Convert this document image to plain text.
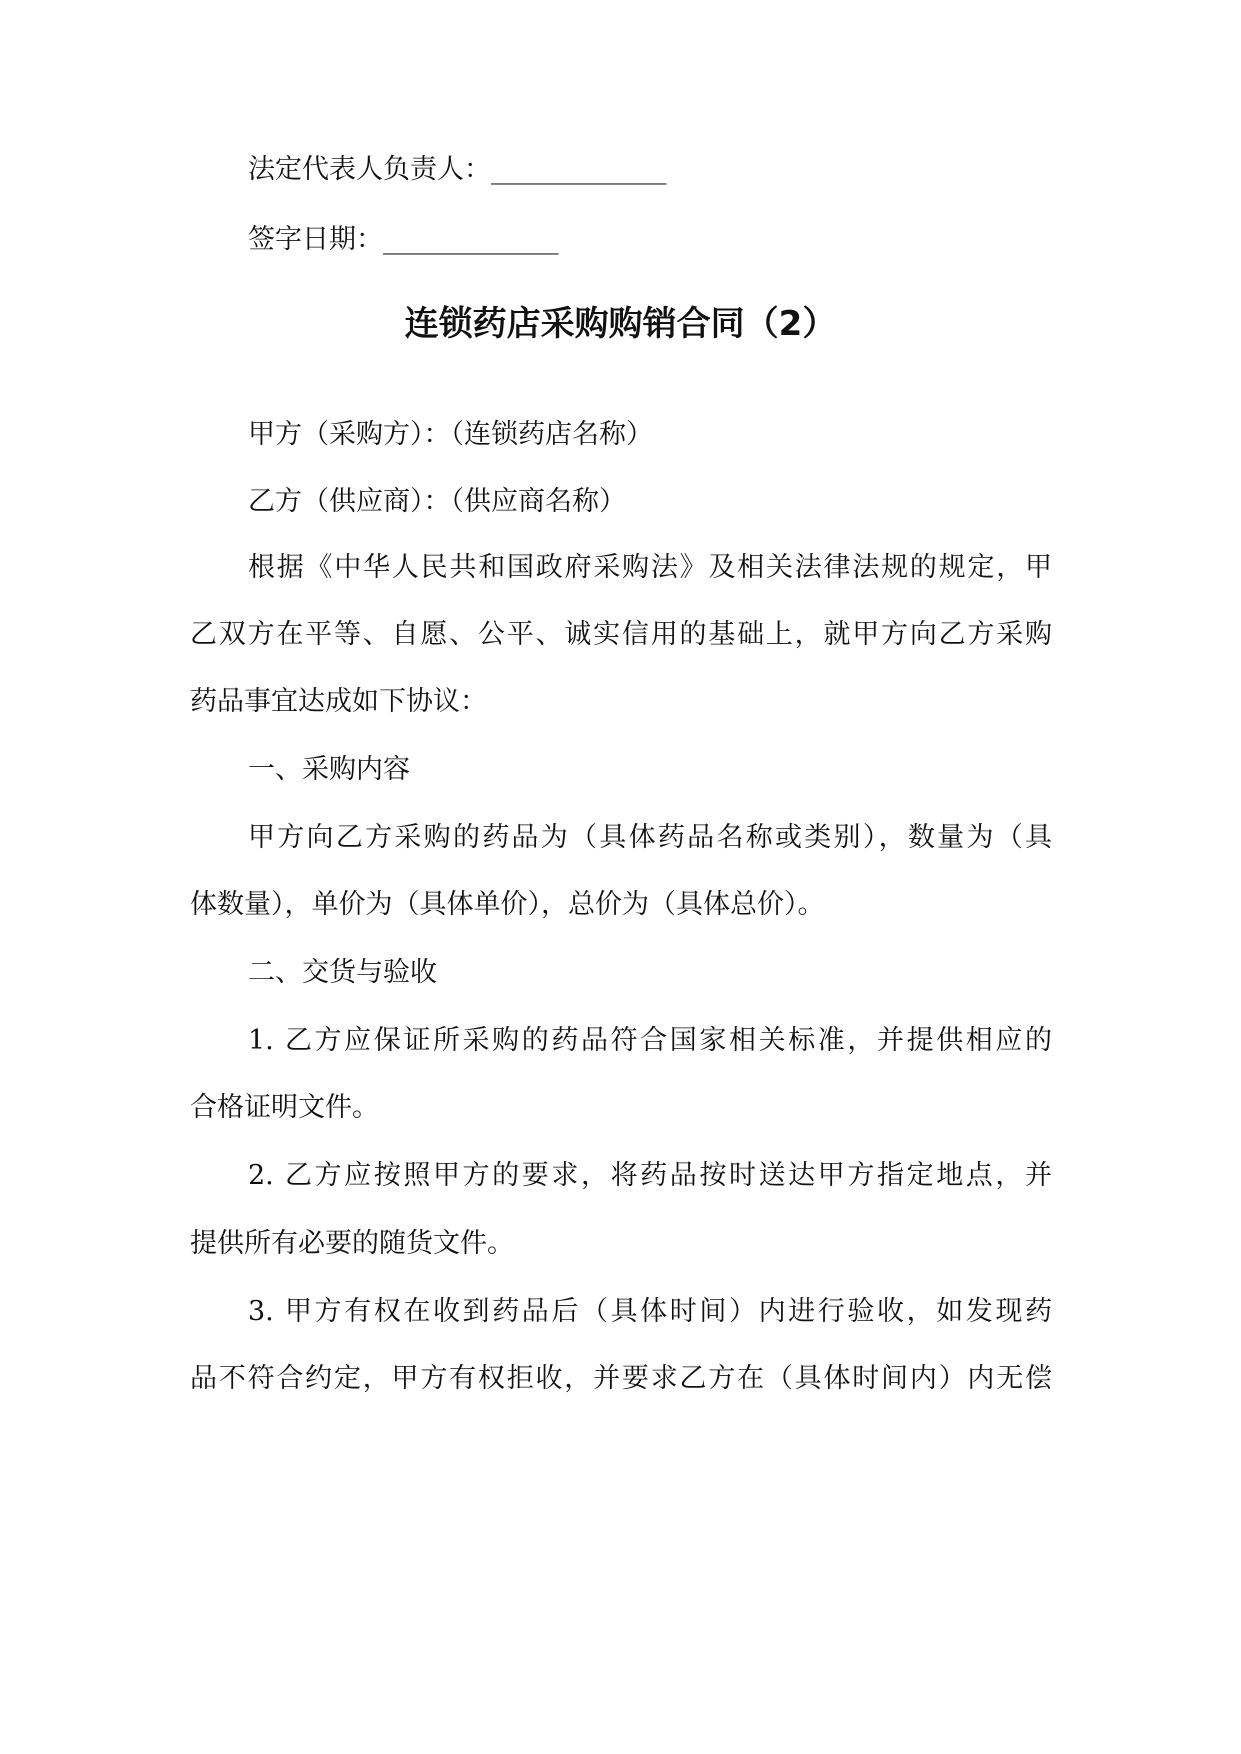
法定代表人负责人：_____________
签字日期：_____________
连锁药店采购购销合同（2）
甲方（采购方）：（连锁药店名称）
乙方（供应商）：（供应商名称）
根据《中华人民共和国政府采购法》及相关法律法规的规定，甲
乙双方在平等、自愿、公平、诚实信用的基础上，就甲方向乙方采购
药品事宜达成如下协议：
一、采购内容
甲方向乙方采购的药品为（具体药品名称或类别），数量为（具
体数量），单价为（具体单价），总价为（具体总价）。
二、交货与验收
1. 乙方应保证所采购的药品符合国家相关标准，并提供相应的
合格证明文件。
2. 乙方应按照甲方的要求，将药品按时送达甲方指定地点，并
提供所有必要的随货文件。
3. 甲方有权在收到药品后（具体时间）内进行验收，如发现药
品不符合约定，甲方有权拒收，并要求乙方在（具体时间内）内无偿
